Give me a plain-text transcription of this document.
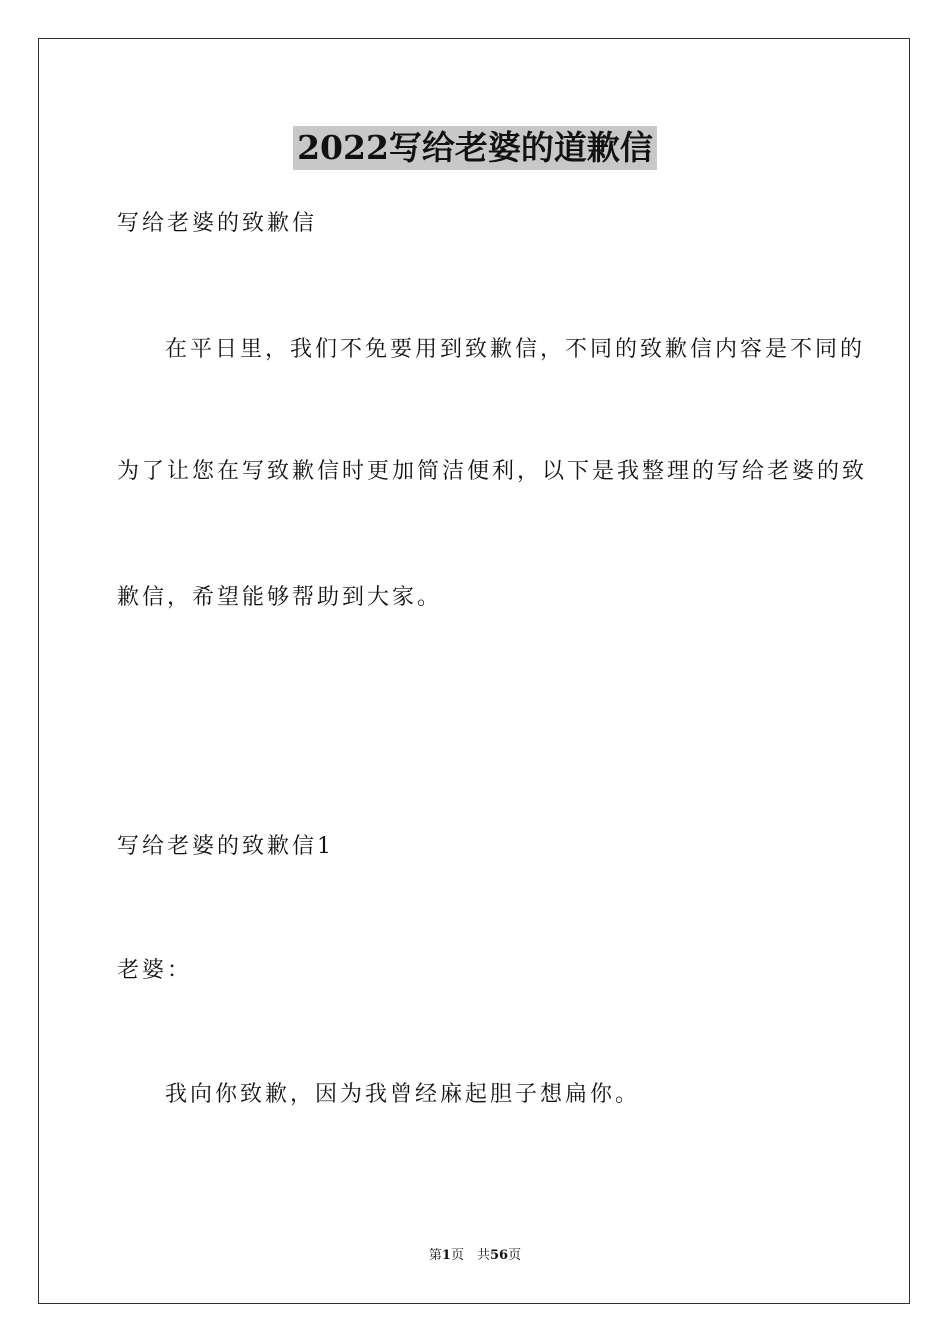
2022写给老婆的道歉信
写给老婆的致歉信
在平日里，我们不免要用到致歉信，不同的致歉信内容是不同的
为了让您在写致歉信时更加简洁便利，以下是我整理的写给老婆的致
歉信，希望能够帮助到大家。
写给老婆的致歉信1
老婆：
我向你致歉，因为我曾经麻起胆子想扁你。
第1页　共56页
